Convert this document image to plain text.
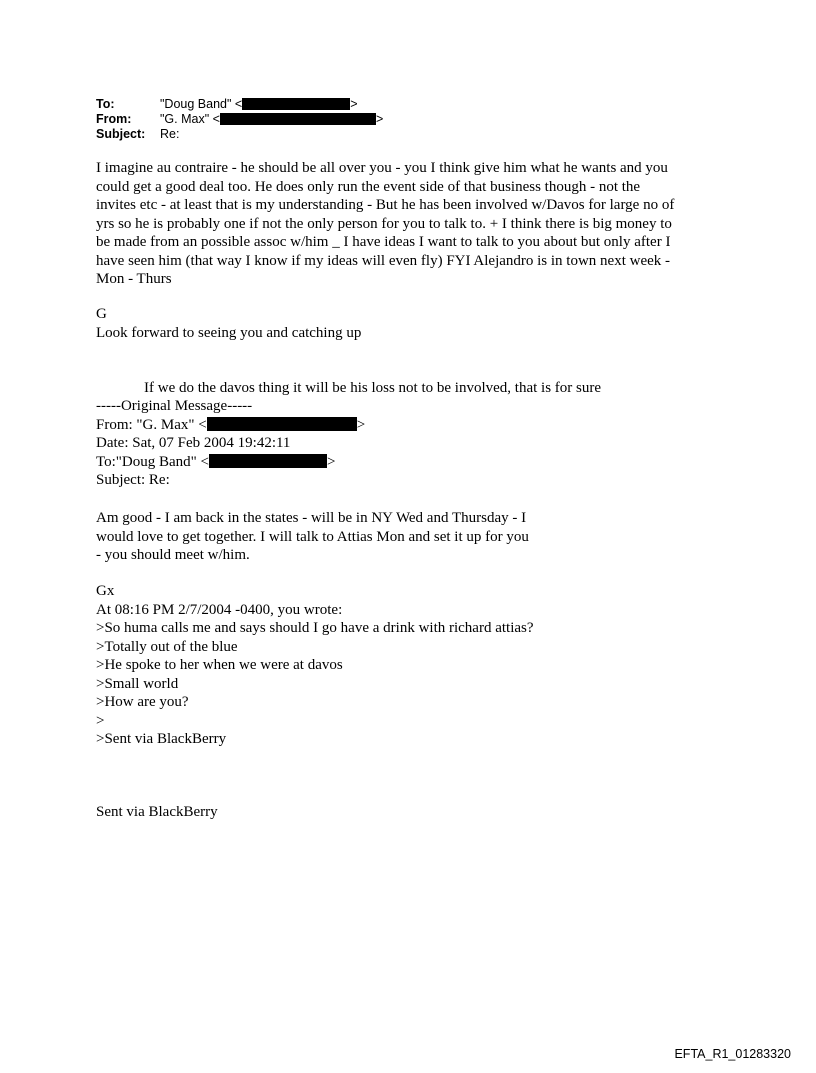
To:	"Doug Band" <	>
From: "G. Max" <	>
Subject: Re:
I imagine au contraire - he should be all over you - you I think give him what he wants and you
could get a good deal too. He does only run the event side of that business though - not the
invites etc - at least that is my understanding - But he has been involved w/Davos for large no of
yrs so he is probably one if not the only person for you to talk to. + I think there is big money to
be made from an possible assoc w/him _ I have ideas I want to talk to you about but only after I
have seen him (that way I know if my ideas will even fly) FYI Alejandro is in town next week -
Mon - Thurs
G
Look forward to seeing you and catching up
If we do the davos thing it will be his loss not to be involved, that is for sure
-----Original Message-----
From: "G. Max" <	>
Date: Sat, 07 Feb 2004 19:42:11
To:"Doug Band" <	>
Subject: Re:
Am good - I am back in the states - will be in NY Wed and Thursday - I
would love to get together. I will talk to Attias Mon and set it up for you
- you should meet w/him.
Gx
At 08:16 PM 2/7/2004 -0400, you wrote:
>So huma calls me and says should I go have a drink with richard attias?
>Totally out of the blue
>He spoke to her when we were at davos
>Small world
>How are you?
>
>Sent via BlackBerry
Sent via BlackBerry
EFTA_R1_01283320
